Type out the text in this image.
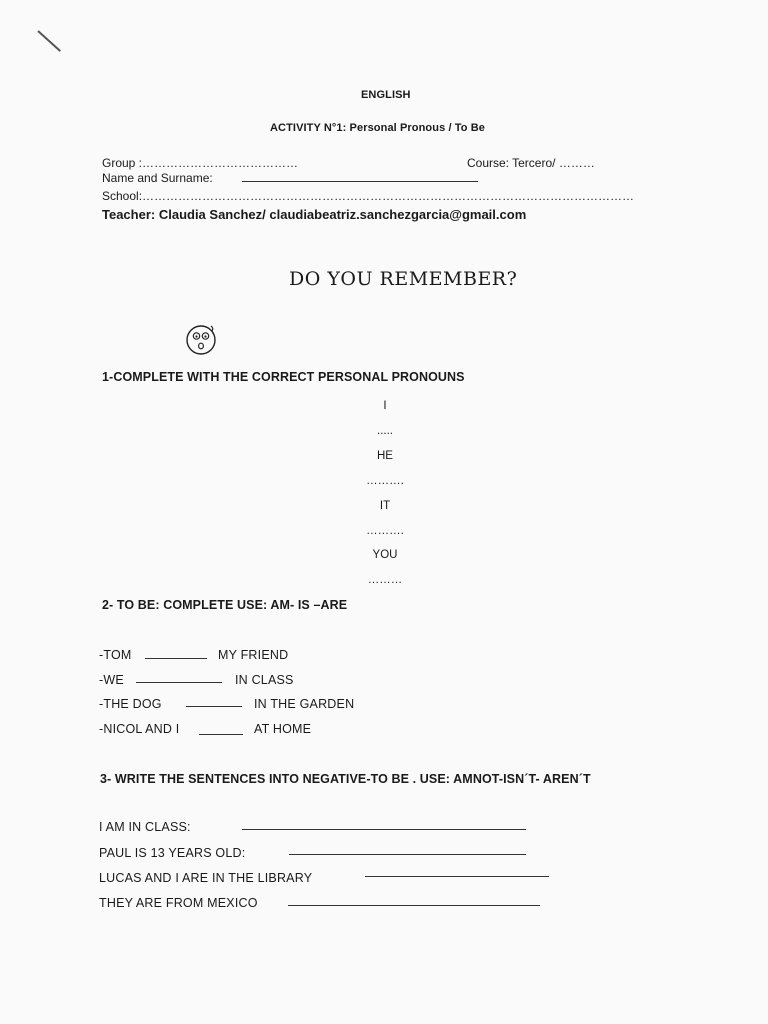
ENGLISH
ACTIVITY N°1: Personal Pronous / To Be
Group :…………………………………	Course: Tercero/ ………
Name and Surname:
School:……………………………………………………………………………………………………………
Teacher: Claudia Sanchez/ claudiabeatriz.sanchezgarcia@gmail.com
DO YOU REMEMBER?
1-COMPLETE WITH THE CORRECT PERSONAL PRONOUNS
I
.....
HE
……….
IT
……….
YOU
………
2- TO BE: COMPLETE USE: AM- IS –ARE
-TOM	MY FRIEND
-WE	IN CLASS
-THE DOG	IN THE GARDEN
-NICOL AND I	AT HOME
3- WRITE THE SENTENCES INTO NEGATIVE-TO BE . USE: AMNOT-ISN´T- AREN´T
I AM IN CLASS:
PAUL IS 13 YEARS OLD:
LUCAS AND I ARE IN THE LIBRARY
THEY ARE FROM MEXICO
